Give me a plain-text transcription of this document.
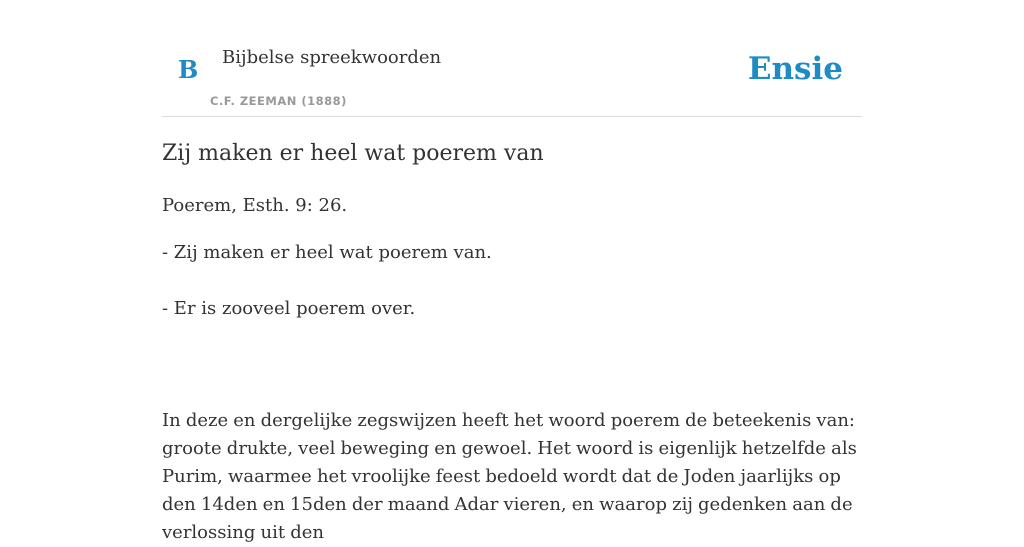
B Bijbelse spreekwoorden
C.F. ZEEMAN (1888)
Ensie
Zij maken er heel wat poerem van

Poerem, Esth. 9: 26.

- Zij maken er heel wat poerem van.

- Er is zooveel poerem over.

In deze en dergelijke zegswijzen heeft het woord poerem de beteekenis van: groote drukte, veel beweging en gewoel. Het woord is eigenlijk hetzelfde als Purim, waarmee het vroolijke feest bedoeld wordt dat de Joden jaarlijks op den 14den en 15den der maand Adar vieren, en waarop zij gedenken aan de verlossing uit den
